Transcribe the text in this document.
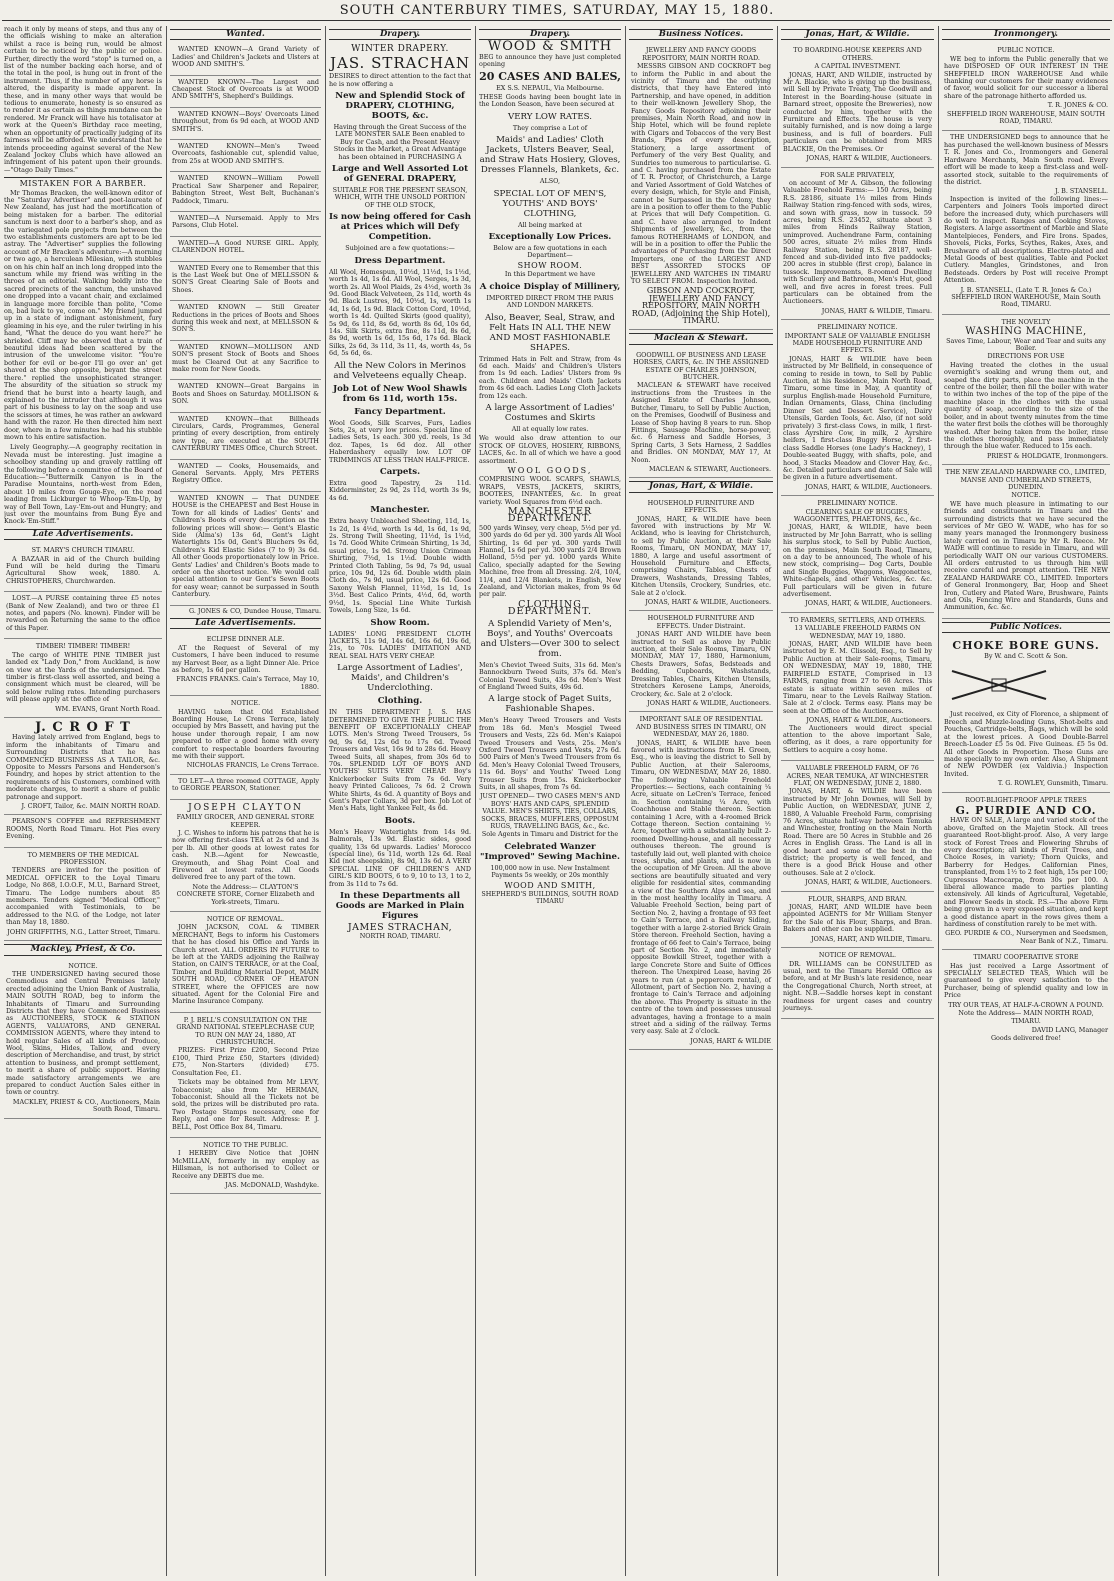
SOUTH CANTERBURY TIMES, SATURDAY, MAY 15, 1880.

reach it only by means of steps, and thus any of the officials wishing to make an alteration whilst a race is being run, would be almost certain to be noticed by the public or police. Further, directly the word "stop" is turned on, a list of the number backing each horse, and of the total in the pool, is hung out in front of the instrument. Thus, if the number of any horse is altered, the disparity is made apparent. In these, and in many other ways that would be tedious to enumerate, honesty is so ensured as to render it as certain as things mundane can be rendered. Mr Franck will have his totalisator at work at the Queen's Birthday race meeting, when an opportunity of practically judging of its fairness will be afforded. We understand that he intends proceeding against several of the New Zealand Jockey Clubs which have allowed an infringement of his patent upon their grounds.—"Otago Daily Times."

MISTAKEN FOR A BARBER.

Mr Thomas Bracken, the well-known editor of the "Saturday Advertiser" and poet-laureate of New Zealand, has just had the mortification of being mistaken for a barber. The editorial sanctum is next door to a barber's shop, and as the variegated pole projects from between the two establishments customers are apt to be led astray. The "Advertiser" supplies the following account of Mr Bracken's adventure:—A morning or two ago, a herculean Milesian, with stubbles on on his chin half an inch long dropped into the sanctum while my friend was writing in the throes of an editorial. Walking boldly into the sacred precincts of the sanctum, the unshaved one dropped into a vacant chair, and exclaimed in language more forcible than polite, "Come on, bad luck to ye, come on." My friend jumped up in a state of indignant astonishment, fury gleaming in his eye, and the ruler twirling in his hand, "What the deuce do you want here?" he shrieked. Cliff may be observed that a train of beautiful ideas had been scattered by the intrusion of the unwelcome visitor. "You're bother for evil or be-gor I'll go over an' get shaved at the shop opposite, beyant the street there." replied the unsophisticated stranger. The absurdity of the situation so struck my friend that he burst into a hearty laugh, and explained to the intruder that although it was part of his business to lay on the soap and use the scissors at times, he was rather an awkward hand with the razor. He then directed him next door, where in a few minutes he had his stubble mown to his entire satisfaction.

Lively Geography.—A geography recitation in Nevada must be interesting. Just imagine a schoolboy standing up and gravely rattling off the following before a committee of the Board of Education:—"Buttermilk Canyon is in the Paradise Mountains, north-west from Eden, about 10 miles from Gouge-Eye, on the road leading from Lickburger to Whoop-'Em-Up, by way of Bell Town, Lay-'Em-out and Hungry; and just over the mountains from Bung Eye and Knock-'Em-Stiff."

Late Advertisements.
ST. MARY'S CHURCH TIMARU.

A BAZAAR in aid of the Church building Fund will be held during the Timaru Agricultural Show week, 1880. A. CHRISTOPHERS, Churchwarden.

LOST.—A PURSE containing three £5 notes (Bank of New Zealand), and two or three £1 notes, and papers (No. known). Finder will be rewarded on Returning the same to the office of this Paper.

TIMBER! TIMBER! TIMBER!

The cargo of WHITE PINE TIMBER just landed ex "Lady Don," from Auckland, is now on view at the Yards of the undersigned. The timber is first-class well assorted, and being a consignment which must be cleared, will be sold below ruling rates. Intending purchasers will please apply at the office of

WM. EVANS, Grant North Road.
J. C R O F T

Having lately arrived from England, begs to inform the inhabitants of Timaru and Surrounding Districts that he has COMMENCED BUSINESS AS A TAILOR, &c. Opposite to Messrs Parsons and Henderson's Foundry, and hopes by strict attention to the requirements of his Customers, combined with moderate charges, to merit a share of public patronage and support.

J. CROFT, Tailor, &c. MAIN NORTH ROAD.

PEARSON'S COFFEE and REFRESHMENT ROOMS, North Road Timaru. Hot Pies every Evening.

TO MEMBERS OF THE MEDICAL PROFESSION.

TENDERS are invited for the position of MEDICAL OFFICER to the Loyal Timaru Lodge, No 868, I.O.O.F., M.U., Barnard Street, Timaru. The Lodge numbers about 85 members. Tenders signed "Medical Officer," accompanied with Testimonials, to be addressed to the N.G. of the Lodge, not later than May 18, 1880.

JOHN GRIFFITHS, N.G., Latter Street, Timaru.
Mackley, Priest, & Co.
NOTICE.

THE UNDERSIGNED having secured those Commodious and Central Premises lately erected adjoining the Union Bank of Australia, MAIN SOUTH ROAD, beg to inform the Inhabitants of Timaru and Surrounding Districts that they have Commenced Business as AUCTIONEERS, STOCK & STATION AGENTS, VALUATORS, AND GENERAL COMMISSION AGENTS, where they intend to hold regular Sales of all kinds of Produce, Wool, Skins, Hides, Tallow, and every description of Merchandise, and trust, by strict attention to business, and prompt settlement, to merit a share of public support. Having made satisfactory arrangements we are prepared to conduct Auction Sales either in town or country.

MACKLEY, PRIEST & CO., Auctioneers, Main South Road, Timaru.
Wanted.

WANTED KNOWN—A Grand Variety of Ladies' and Children's Jackets and Ulsters at WOOD AND SMITH'S.

WANTED KNOWN—The Largest and Cheapest Stock of Overcoats is at WOOD AND SMITH'S, Shepherd's Buildings.

WANTED KNOWN—Boys' Overcoats Lined throughout, from 6s 9d each, at WOOD AND SMITH'S.

WANTED KNOWN—Men's Tweed Overcoats, fashionable cut, splendid value, from 25s at WOOD AND SMITH'S.

WANTED KNOWN—William Powell Practical Saw Sharpener and Repairer, Babington Street, West Belt, Buchanan's Paddock, Timaru.

WANTED—A Nursemaid. Apply to Mrs Parsons, Club Hotel.

WANTED—A Good NURSE GIRL. Apply, CLARENDON HOTEL.

WANTED Every one to Remember that this is the Last Week but One of MELLSSON & SON'S Great Clearing Sale of Boots and Shoes.

WANTED KNOWN — Still Greater Reductions in the prices of Boots and Shoes during this week and next, at MELLSSON & SON'S.

WANTED KNOWN—MOLLISON AND SON'S present Stock of Boots and Shoes must be Cleared Out at any Sacrifice to make room for New Goods.

WANTED KNOWN—Great Bargains in Boots and Shoes on Saturday. MOLLISON & SON.

WANTED KNOWN—that Billheads Circulars, Cards, Programmes, General printing of every description, from entirely new type, are executed at the SOUTH CANTERBURY TIMES Office, Church Street.

WANTED — Cooks, Housemaids, and General Servants. Apply, Mrs PETERS Registry Office.

WANTED KNOWN — That DUNDEE HOUSE is the CHEAPEST and Best House in Town for all kinds of Ladies' Gents' and Children's Boots of every description as the following prices will show:— Gent's Elastic Side (Alma's) 13s 6d, Gent's Light Watertights 15s 0d, Gent's Bluchers 9s 6d, Children's Kid Elastic Sides (7 to 9) 3s 6d. All other Goods proportionately low in Price. Gents' Ladies' and Children's Boots made to order on the shortest notice. We would call special attention to our Gent's Sewn Boots for easy wear; cannot be surpassed in South Canterbury.

G. JONES & CO, Dundee House, Timaru.
Late Advertisements.
ECLIPSE DINNER ALE.

AT the Request of Several of my Customers, I have been induced to resume my Harvest Beer, as a light Dinner Ale. Price as before, 1s 6d per gallon.

FRANCIS FRANKS. Cain's Terrace, May 10, 1880.
NOTICE.

HAVING taken that Old Established Boarding House, Le Crens Terrace, lately occupied by Mrs Bassett, and having put the house under thorough repair, I am now prepared to offer a good home with every comfort to respectable boarders favouring me with their support.

NICHOLAS FRANCIS, Le Crens Terrace.

TO LET—A three roomed COTTAGE, Apply to GEORGE PEARSON, Stationer.

JOSEPH CLAYTON
FAMILY GROCER, AND GENERAL STORE KEEPER.

J. C. Wishes to inform his patrons that he is now offering first-class TEA at 2s 6d and 3s per lb. All other goods at lowest rates for cash. N.B.—Agent for Newcastle, Greymouth, and Shag Point Coal and Firewood at lowest rates. All Goods delivered free to any part of the town.

Note the Address:— CLAYTON'S CONCRETE STORE, Corner Elizabeth and York-streets, Timaru.
NOTICE OF REMOVAL.

JOHN JACKSON, COAL & TIMBER MERCHANT, Begs to inform his Customers that he has closed his Office and Yards in Church street. ALL ORDERS IN FUTURE to be left at the YARDS adjoining the Railway Station, on CAIN'S TERRACE, or at the Coal, Timber, and Building Material Depot, MAIN SOUTH ROAD, CORNER OF HEATON STREET, where the OFFICES are now situated. Agent for the Colonial Fire and Marine Insurance Company.

P. J. BELL'S CONSULTATION ON THE GRAND NATIONAL STEEPLECHASE CUP, TO RUN ON MAY 24, 1880, AT CHRISTCHURCH.

PRIZES: First Prize £200, Second Prize £100, Third Prize £50, Starters (divided) £75, Non-Starters (divided) £75. Consultation Fee, £1.

Tickets may be obtained from Mr LEVY, Tobacconist; also from Mr HERMAN, Tobacconist. Should all the Tickets not be sold, the prizes will be distributed pro rata. Two Postage Stamps necessary, one for Reply, and one for Result. Address: P. J. BELL, Post Office Box 84, Timaru.

NOTICE TO THE PUBLIC.

I HEREBY Give Notice that JOHN McMILLAN, formerly in my employ as Hillsman, is not authorised to Collect or Receive any DEBTS due me.

JAS. McDONALD, Washdyke.
Drapery.
WINTER DRAPERY.
JAS. STRACHAN

DESIRES to direct attention to the fact that he is now offering a

New and Splendid Stock of DRAPERY, CLOTHING, BOOTS, &c.
Having through the Great Success of the LATE MONSTER SALE Been enabled to Buy for Cash, and the Present Heavy Stocks in the Market, a Great Advantage has been obtained in PURCHASING A
Large and Well Assorted Lot of GENERAL DRAPERY,
SUITABLE FOR THE PRESENT SEASON, WHICH, WITH THE UNSOLD PORTION OF THE OLD STOCK,
Is now being offered for Cash at Prices which will Defy Competition.
Subjoined are a few quotations:—
Dress Department.

All Wool, Homespun, 10½d, 11½d, 1s 1½d, worth 1s 4d, 1s 6d. All Wool, Serges, 1s 3d, worth 2s. All Wool Plaids, 2s 4½d, worth 3s 9d. Good Black Velveteen, 2s 11d, worth 4s 9d. Black Lustres, 9d, 10½d, 1s, worth 1s 4d, 1s 6d, 1s 9d. Black Cotton Cord, 10½d, worth 1s 4d. Quilted Skirts (good quality), 5s 9d, 6s 11d, 8s 6d, worth 8s 6d, 10s 6d, 14s. Silk Skirts, extra fine, 8s 11d, 8s 6d, 8s 9d, worth 1s 6d, 15s 6d, 17s 6d. Black Silks, 2s 6d, 3s 11d, 3s 11, 4s, worth 4s, 5s 6d, 5s 6d, 6s.

All the New Colors in Merinos and Velveteens equally Cheap.
Job Lot of New Wool Shawls from 6s 11d, worth 15s.
Fancy Department.

Wool Goods, Silk Scarves, Furs, Ladies Sets, 2s, at very low prices. Special line of Ladies Sets, 1s each. 300 yd. reels, 1s 3d doz. Tapes, 1s 6d doz. All other Haberdashery equally low. LOT OF TRIMMINGS AT LESS THAN HALF-PRICE.

Carpets.

Extra good Tapestry, 2s 11d. Kidderminster, 2s 9d, 2s 11d, worth 3s 9s, 4s 6d.

Manchester.

Extra heavy Unbleached Sheeting, 11d, 1s, 1s 2d, 1s 4½d, worth 1s 4d, 1s 6d, 1s 9d, 2s. Strong Twill Sheeting, 11½d, 1s 1½d, 1s 7d. Good White Crimean Shirting, 1s 3d, usual price, 1s 9d. Strong Union Crimean Shirting, 7½d, 1s 1½d. Double width Printed Cloth Tabling, 5s 9d, 7s 9d, usual price, 10s 9d, 12s 6d. Double width plain Cloth do., 7s 9d, usual price, 12s 6d. Good Saxony Welsh Flannel, 11½d, 1s 1d, 1s 3½d. Best Calico Prints, 4½d, 6d, worth 9½d, 1s. Special Line White Turkish Towels, Long Size, 1s 6d.

Show Room.

LADIES' LONG PRESIDENT CLOTH JACKETS, 11s 9d, 14s 6d, 16s 6d, 19s 6d, 21s, to 70s. LADIES' IMITATION AND REAL SEAL HATS VERY CHEAP.

Large Assortment of Ladies', Maids', and Children's Underclothing.
Clothing.

IN THIS DEPARTMENT J. S. HAS DETERMINED TO GIVE THE PUBLIC THE BENEFIT OF EXCEPTIONALLY CHEAP LOTS. Men's Strong Tweed Trousers, 5s 9d, 9s 6d, 12s 6d to 17s 6d. Tweed Trousers and Vest, 16s 9d to 28s 6d. Heavy Tweed Suits, all shapes, from 30s 6d to 70s. SPLENDID LOT OF BOYS AND YOUTHS' SUITS VERY CHEAP. Boy's Knickerbocker Suits from 7s 6d. Very heavy Printed Calicoes, 7s 6d. 2 Crown White Shirts, 4s 6d. A quantity of Boys and Gent's Paper Collars, 3d per box. Job Lot of Men's Hats, light Yankee Felt, 4s 6d.

Boots.

Men's Heavy Watertights from 14s 9d. Balmorals, 13s 9d. Elastic sides, good quality, 13s 6d upwards. Ladies' Morocco (special line), 6s 11d, worth 12s 6d. Real Kid (not sheepskin), 8s 9d, 13s 6d. A VERY SPECIAL LINE OF CHILDREN'S AND GIRL'S KID BOOTS, 6 to 9, 10 to 13, 1 to 2, from 3s 11d to 7s 6d.

In these Departments all Goods are Marked in Plain Figures
JAMES STRACHAN,
NORTH ROAD, TIMARU.
Drapery.
WOOD & SMITH

BEG to announce they have just completed opening

20 CASES AND BALES,
EX S.S. NEPAUL, Via Melbourne.

THESE Goods having been bought late in the London Season, have been secured at

VERY LOW RATES.
They comprise a Lot of
Maids' and Ladies' Cloth Jackets, Ulsters Beaver, Seal, and Straw Hats Hosiery, Gloves, Dresses Flannels, Blankets, &c.
ALSO,
SPECIAL LOT OF MEN'S, YOUTHS' AND BOYS' CLOTHING,
All being marked at
Exceptionally Low Prices.
Below are a few quotations in each Department—
SHOW ROOM.
In this Department we have
A choice Display of Millinery,
IMPORTED DIRECT FROM THE PARIS AND LONDON MARKETS.
Also, Beaver, Seal, Straw, and Felt Hats IN ALL THE NEW AND MOST FASHIONABLE SHAPES.

Trimmed Hats in Felt and Straw, from 4s 6d each. Maids' and Children's Ulsters from 1s 9d each. Ladies' Ulsters from 9s each. Children and Maids' Cloth Jackets from 4s 6d each. Ladies Long Cloth Jackets from 12s each.

A large Assortment of Ladies' Costumes and Skirts
All at equally low rates.

We would also draw attention to our STOCK OF GLOVES, HOSIERY, RIBBONS, LACES, &c. In all of which we have a good assortment.

WOOL GOODS,

COMPRISING WOOL SCARFS, SHAWLS, WRAPS, VESTS, JACKETS, SKIRTS, BOOTEES, INFANTEES, &c. In great variety. Wool Squares from 6½d each.

MANCHESTER DEPARTMENT.

500 yards Winsey, very cheap, 5½d per yd. 300 yards do 6d per yd. 300 yards All Wool Shirting, 1s 6d per yd. 300 yards Twill Flannel, 1s 6d per yd. 300 yards 2/4 Brown Holland, 5½d per yd. 1000 yards White Calico, specially adapted for the Sewing Machine, free from all Dressing. 2/4, 10/4, 11/4, and 12/4 Blankets, in English, New Zealand, and Victorian makes, from 9s 6d per pair.

CLOTHING DEPARTMENT.
A Splendid Variety of Men's, Boys', and Youths' Overcoats and Ulsters—Over 300 to select from.

Men's Cheviot Tweed Suits, 31s 6d. Men's Bannockburn Tweed Suits, 37s 6d. Men's Colonial Tweed Suits, 43s 6d. Men's West of England Tweed Suits, 49s 6d.

A large stock of Paget Suits, Fashionable Shapes.

Men's Heavy Tweed Trousers and Vests from 18s 6d. Men's Mosgiel Tweed Trousers and Vests, 22s 6d. Men's Kaiapoi Tweed Trousers and Vests, 25s. Men's Oxford Tweed Trousers and Vests, 27s 6d. 500 Pairs of Men's Tweed Trousers from 6s 6d. Men's Heavy Colonial Tweed Trousers, 11s 6d. Boys' and Youths' Tweed Long Trouser Suits from 15s. Knickerbocker Suits, in all shapes, from 7s 6d.

JUST OPENED— TWO CASES MEN'S AND BOYS' HATS AND CAPS, SPLENDID VALUE. MEN'S SHIRTS, TIES, COLLARS, SOCKS, BRACES, MUFFLERS, OPPOSUM RUGS, TRAVELLING BAGS, &c., &c.
Sole Agents in Timaru and District for the
Celebrated Wanzer "Improved" Sewing Machine.
100,000 now in use. New Instalment Payments 5s weekly, or 20s monthly
WOOD AND SMITH,
SHEPHERD'S BUILDINGS, SOUTH ROAD TIMARU
Business Notices.
JEWELLERY AND FANCY GOODS REPOSITORY, MAIN NORTH ROAD.

MESSRS GIBSON AND COCKROFT beg to inform the Public in and about the vicinity of Timaru and the outlying districts, that they have Entered into Partnership, and have opened, in addition to their well-known Jewellery Shop, the Fancy Goods Repository adjoining their premises, Main North Road, and now in Ship Hotel, which will be found replete with Cigars and Tobaccos of the very Best Brands, Pipes of every description, Stationery, a large assortment of Perfumery of the very Best Quality, and Sundries too numerous to particularise. G. and C. having purchased from the Estate of T. R. Proctor, of Christchurch, a Large and Varied Assortment of Gold Watches of every design, which, for Style and Finish, cannot be Surpassed in the Colony, they are in a position to offer them to the Public at Prices that will Defy Competition. G. and C. have also arranged to Indent Shipments of Jewellery, &c., from the famous ROTHERHAMS of LONDON, and will be in a position to offer the Public the advantages of Purchasing from the Direct Importers, one of the LARGEST AND BEST ASSORTED STOCKS OF JEWELLERY AND WATCHES IN TIMARU TO SELECT FROM. Inspection Invited.

GIBSON AND COCKROFT, JEWELLERY AND FANCY REPOSITORY, MAIN NORTH ROAD, (Adjoining the Ship Hotel), TIMARU.
Maclean & Stewart.
GOODWILL OF BUSINESS AND LEASE HORSES, CARTS, &c. IN THE ASSIGNED ESTATE OF CHARLES JOHNSON, BUTCHER.

MACLEAN & STEWART have received instructions from the Trustees in the Assigned Estate of Charles Johnson, Butcher, Timaru, to Sell by Public Auction, on the Premises, Goodwill of Business and Lease of Shop having 8 years to run. Shop Fittings, Sausage Machine, horse-power, &c. 6 Harness and Saddle Horses, 3 Spring Carts, 3 Sets Harness, 2 Saddles and Bridles. ON MONDAY, MAY 17, At Noon.

MACLEAN & STEWART, Auctioneers.
Jonas, Hart, & Wildie.
HOUSEHOLD FURNITURE AND EFFECTS.

JONAS, HART, & WILDIE have been favored with instructions by Mr W. Ackland, who is leaving for Christchurch, to sell by Public Auction, at their Sale Rooms, Timaru, ON MONDAY, MAY 17, 1880, A large and useful assortment of Household Furniture and Effects, comprising Chairs, Tables, Chests of Drawers, Washstands, Dressing Tables, Kitchen Utensils, Crockery, Sundries, etc. Sale at 2 o'clock.

JONAS, HART & WILDIE, Auctioneers.
HOUSEHOLD FURNITURE AND EFFECTS. Under Distraint.

JONAS HART AND WILDIE have been instructed to Sell as above by Public auction, at their Sale Rooms, Timaru, ON MONDAY, MAY 17, 1880, Harmonium, Chests Drawers, Sofas, Bedsteads and Bedding, Cupboards, Washstands, Dressing Tables, Chairs, Kitchen Utensils, Stretchers Kerosene Lamps, Aneroids, Crockery, &c. Sale at 2 o'clock.

JONAS HART & WILDIE, Auctioneers.
IMPORTANT SALE OF RESIDENTIAL AND BUSINESS SITES IN TIMARU, ON WEDNESDAY, MAY 26, 1880.

JONAS, HART, & WILDIE have been favored with instructions from H. Green, Esq., who is leaving the district to Sell by Public Auction, at their Salerooms, Timaru, ON WEDNESDAY, MAY 26, 1880. The following Valuable Freehold Properties:— Sections, each containing ¼ Acre, situate on LeCren's Terrace, fenced in. Section containing ¼ Acre, with Coachhouse and Stable thereon. Section containing 1 Acre, with a 4-roomed Brick Cottage thereon. Section containing ½ Acre, together with a substantially built 2-roomed Dwelling-house, and all necessary outhouses thereon. The ground is tastefully laid out, well planted with choice trees, shrubs, and plants, and is now in the occupation of Mr Green. All the above sections are beautifully situated and very eligible for residential sites, commanding a view of the Southern Alps and sea, and in the most healthy locality in Timaru. A Valuable Freehold Section, being part of Section No. 2, having a frontage of 93 feet to Cain's Terrace, and a Railway Siding, together with a large 2-storied Brick Grain Store thereon. Freehold Section, having a frontage of 66 feet to Cain's Terrace, being part of Section No. 2, and immediately opposite Bowkill Street, together with a large Concrete Store and Suite of Offices thereon. The Unexpired Lease, having 26 years to run (at a peppercorn rental), of Allotment, part of Section No. 2, having a frontage to Cain's Terrace and adjoining the above. This Property is situate in the centre of the town and possesses unusual advantages, having a frontage to a main street and a siding of the railway. Terms very easy. Sale at 2 o'clock.

JONAS, HART & WILDIE
Jonas, Hart, & Wildie.
TO BOARDING-HOUSE KEEPERS AND OTHERS.
A CAPITAL INVESTMENT.

JONAS, HART, AND WILDIE, instructed by Mr A. Blackie, who is giving up the business, will Sell by Private Treaty, The Goodwill and Interest in the Boarding-house (situate in Barnard street, opposite the Breweries), now conducted by him, together with the Furniture and Effects. The house is very suitably furnished, and is now doing a large business, and is full of boarders. Full particulars can be obtained from MRS BLACKIE, On the Premises. Or

JONAS, HART & WILDIE, Auctioneers.
FOR SALE PRIVATELY,

on account of Mr A. Gibson, the following Valuable Freehold Farms:— 150 Acres, being R.S. 28186, situate 1½ miles from Hinds Railway Station ring-fenced with sods, wires, and sown with grass, now in tussock. 59 acres, being R.S. 23452, situate about 3 miles from Hinds Railway Station, unimproved. Auchendrane Farm, containing 500 acres, situate 2½ miles from Hinds Railway Station, being R.S. 28187, well-fenced and sub-divided into five paddocks; 200 acres in stubble (first crop), balance in tussock. Improvements, 8-roomed Dwelling with Scullery and Bathroom, Men's Hut, good well, and five acres in forest trees. Full particulars can be obtained from the Auctioneers.

JONAS, HART & WILDIE, Timaru.
PRELIMINARY NOTICE.
IMPORTANT SALE OF VALUABLE ENGLISH MADE HOUSEHOLD FURNITURE AND EFFECTS.

JONAS, HART & WILDIE have been instructed by Mr Bellfield, in consequence of coming to reside in town, to Sell by Public Auction, at his Residence, Main North Road, Timaru, some time in May, A quantity of surplus English-made Household Furniture, Indian Ornaments, Glass, China (including Dinner Set and Dessert Service), Dairy Utensils, Garden Tools, &c. Also, (if not sold privately) 3 first-class Cows, in milk, 1 first-class Ayrshire Cow, in milk, 2 Ayrshire heifers, 1 first-class Buggy Horse, 2 first-class Saddle Horses (one Lady's Hackney), 1 Double-seated Buggy, with shafts, pole, and hood, 3 Stacks Meadow and Clover Hay, &c., &c. Detailed particulars and date of Sale will be given in a future advertisement.

JONAS, HART, & WILDIE, Auctioneers.
PRELIMINARY NOTICE.
CLEARING SALE OF BUGGIES, WAGGONETTES, PHAETONS, &c., &c.

JONAS, HART, & WILDIE, have been instructed by Mr John Barratt, who is selling his surplus stock, to Sell by Public Auction, on the premises, Main South Road, Timaru, on a day to be announced, The whole of his new stock, comprising— Dog Carts, Double and Single Buggies, Waggons, Waggonettes, White-chapels, and other Vehicles, &c. &c. Full particulars will be given in future advertisement.

JONAS, HART, & WILDIE, Auctioneers.
TO FARMERS, SETTLERS, AND OTHERS.
13 VALUABLE FREEHOLD FARMS ON WEDNESDAY, MAY 19, 1880.

JONAS, HART, AND WILDIE have been instructed by E. M. Clissold, Esq., to Sell by Public Auction at their Sale-rooms, Timaru, ON WEDNESDAY, MAY 19, 1880, THE FAIRFIELD ESTATE, Comprised in 13 FARMS, ranging from 27 to 68 Acres. This estate is situate within seven miles of Timaru, near to the Levels Railway Station. Sale at 2 o'clock. Terms easy. Plans may be seen at the Office of the Auctioneers.

JONAS, HART & WILDIE, Auctioneers.

The Auctioneers would direct special attention to the above important Sale, offering, as it does, a rare opportunity for Settlers to acquire a cosy home.

VALUABLE FREEHOLD FARM, OF 76 ACRES, NEAR TEMUKA, AT WINCHESTER FLAT, ON WEDNESDAY, JUNE 2, 1880.

JONAS, HART, & WILDIE have been instructed by Mr John Downes, will Sell by Public Auction, on WEDNESDAY, JUNE 2, 1880, A Valuable Freehold Farm, comprising 76 Acres, situate half-way between Temuka and Winchester, fronting on the Main North Road. There are 50 Acres in Stubble and 26 Acres in English Grass. The Land is all in good heart and some of the best in the district; the property is well fenced, and there is a good Brick House and other outhouses. Sale at 2 o'clock.

JONAS, HART, & WILDIE, Auctioneers.
FLOUR, SHARPS, AND BRAN.

JONAS, HART, AND WILDIE have been appointed AGENTS for Mr William Stenyer for the Sale of his Flour, Sharps, and Bran. Bakers and other can be supplied.

JONAS, HART, AND WILDIE, Timaru.
NOTICE OF REMOVAL.

DR. WILLIAMS can be CONSULTED as usual, next to the Timaru Herald Office as before, and at Mr Bush's late residence, near the Congregational Church, North street, at night. N.B.—Saddle horses kept in constant readiness for urgent cases and country journeys.

Ironmongery.
PUBLIC NOTICE.

WE beg to inform the Public generally that we have DISPOSED OF OUR INTEREST IN THE SHEFFIELD IRON WAREHOUSE And while thanking our customers for their many evidences of favor, would solicit for our successor a liberal share of the patronage hitherto afforded us.

T. R. JONES & CO.
SHEFFIELD IRON WAREHOUSE, MAIN SOUTH ROAD, TIMARU.

THE UNDERSIGNED begs to announce that he has purchased the well-known business of Messrs T. R. Jones and Co., Ironmongers and General Hardware Merchants, Main South road. Every effort will be made to keep a first-class and well-assorted stock, suitable to the requirements of the district.

J. B. STANSELL.

Inspection is invited of the following lines:— Carpenters and Joiners Tools imported direct before the increased duty, which purchasers will do well to inspect. Ranges and Cooking Stoves, Registers. A large assortment of Marble and Slate Mantelpieces, Fenders, and Fire Irons. Spades, Shovels, Picks, Forks, Scythes, Rakes, Axes, and Brushware of all descriptions. Electro-plated and Metal Goods of best qualities, Table and Pocket Cutlery. Mangles, Grindstones, and Iron Bedsteads. Orders by Post will receive Prompt Attention.

J. B. STANSELL, (Late T. R. Jones & Co.) SHEFFIELD IRON WAREHOUSE, Main South Road, TIMARU.
THE NOVELTY
WASHING MACHINE,
Saves Time, Labour, Wear and Tear and suits any Boiler.
DIRECTIONS FOR USE

Having treated the clothes in the usual overnight's soaking and wrung them out, and soaped the dirty parts, place the machine in the centre of the boiler, then fill the boiler with water to within two inches of the top of the pipe of the machine place in the clothes with the usual quantity of soap, according to the size of the boiler, and in about twenty minutes from the time the water first boils the clothes will be thoroughly washed. After being taken from the boiler, rinse the clothes thoroughly, and pass immediately through the blue water. Reduced to 15s each.

PRIEST & HOLDGATE, Ironmongers.
THE NEW ZEALAND HARDWARE CO., LIMITED, MANSE AND CUMBERLAND STREETS, DUNEDIN.
NOTICE.

WE have much pleasure in intimating to our friends and constituents in Timaru and the surrounding districts that we have secured the services of Mr GEO W. WADE, who has for so many years managed the Ironmongery business lately carried on in Timaru by Mr R. Reece. Mr WADE will continue to reside in Timaru, and will periodically WAIT ON our various CUSTOMERS. All orders entrusted to us through him will receive careful and prompt attention. THE NEW ZEALAND HARDWARE CO., LIMITED. Importers of General Ironmongery, Bar, Hoop and Sheet Iron, Cutlery and Plated Ware, Brushware, Paints and Oils, Fencing Wire and Standards, Guns and Ammunition, &c. &c.

Public Notices.
CHOKE BORE GUNS.
By W. and C. Scott & Son.

Just received, ex City of Florence, a shipment of Breech and Muzzle-loading Guns, Shot-belts and Pouches, Cartridge-belts, Bags, which will be sold at the lowest prices. A Good Double-Barrel Breech-Loader £5 5s 0d. Five Guineas. £5 5s 0d. All other Goods in Proportion. These Guns are made specially to my own order. Also, A Shipment of NEW POWDER (ex Valdivia.) Inspection Invited.

T. G. ROWLEY, Gunsmith, Timaru.
ROOT-BLIGHT-PROOF APPLE TREES
G. PURDIE AND CO.

HAVE ON SALE, A large and varied stock of the above, Grafted on the Majetin Stock. All trees guaranteed Root-blight-proof. Also, A very large stock of Forest Trees and Flowering Shrubs of every description; all kinds of Fruit Trees, and Choice Roses, in variety; Thorn Quicks, and Barberry for Hedges. Californian Pines, transplanted, from 1½ to 2 feet high, 15s per 100; Cupressus Macrocarpa, from 30s per 100. A liberal allowance made to parties planting extensively. All kinds of Agricultural, Vegetable, and Flower Seeds in stock. P.S.—The above Firm being grown in a very exposed situation, and kept a good distance apart in the rows gives them a hardiness of constitution rarely to be met with.

GEO. PURDIE & CO., Nurserymen and Seedsmen, Near Bank of N.Z., Timaru.
TIMARU COOPERATIVE STORE

Has just received a Large Assortment of SPECIALLY SELECTED TEAS, Which will be guaranteed to give every satisfaction to the Purchaser, being of splendid quality and low in Price

TRY OUR TEAS, AT HALF-A-CROWN A POUND.
Note the Address— MAIN NORTH ROAD, TIMARU.
DAVID LANG, Manager
Goods delivered free!
